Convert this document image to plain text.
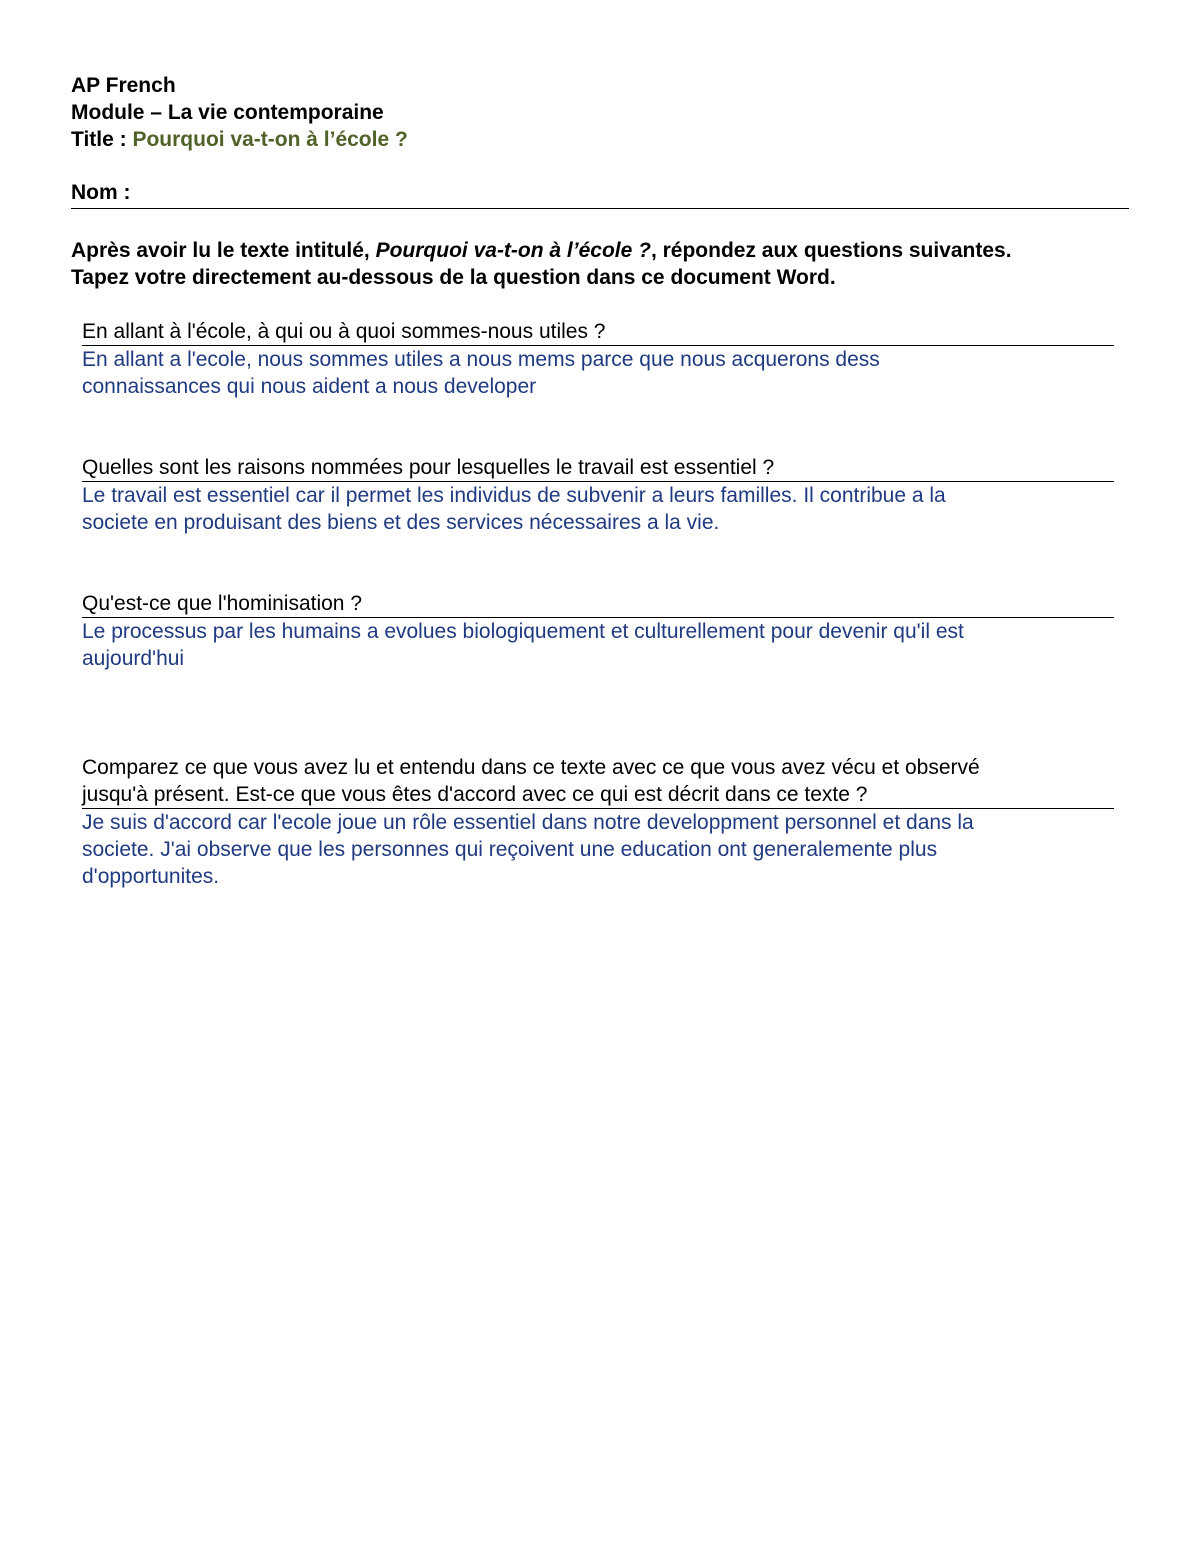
AP French
Module – La vie contemporaine
Title : Pourquoi va-t-on à l’école ?
Nom :
Après avoir lu le texte intitulé, Pourquoi va-t-on à l’école ?, répondez aux questions suivantes.
Tapez votre directement au-dessous de la question dans ce document Word.
En allant à l'école, à qui ou à quoi sommes-nous utiles ?
En allant a l'ecole, nous sommes utiles a nous mems parce que nous acquerons dess
connaissances qui nous aident a nous developer
Quelles sont les raisons nommées pour lesquelles le travail est essentiel ?
Le travail est essentiel car il permet les individus de subvenir a leurs familles. Il contribue a la
societe en produisant des biens et des services nécessaires a la vie.
Qu'est-ce que l'hominisation ?
Le processus par les humains a evolues biologiquement et culturellement pour devenir qu'il est
aujourd'hui
Comparez ce que vous avez lu et entendu dans ce texte avec ce que vous avez vécu et observé
jusqu'à présent. Est-ce que vous êtes d'accord avec ce qui est décrit dans ce texte ?
Je suis d'accord car l'ecole joue un rôle essentiel dans notre developpment personnel et dans la
societe. J'ai observe que les personnes qui reçoivent une education ont generalemente plus
d'opportunites.
